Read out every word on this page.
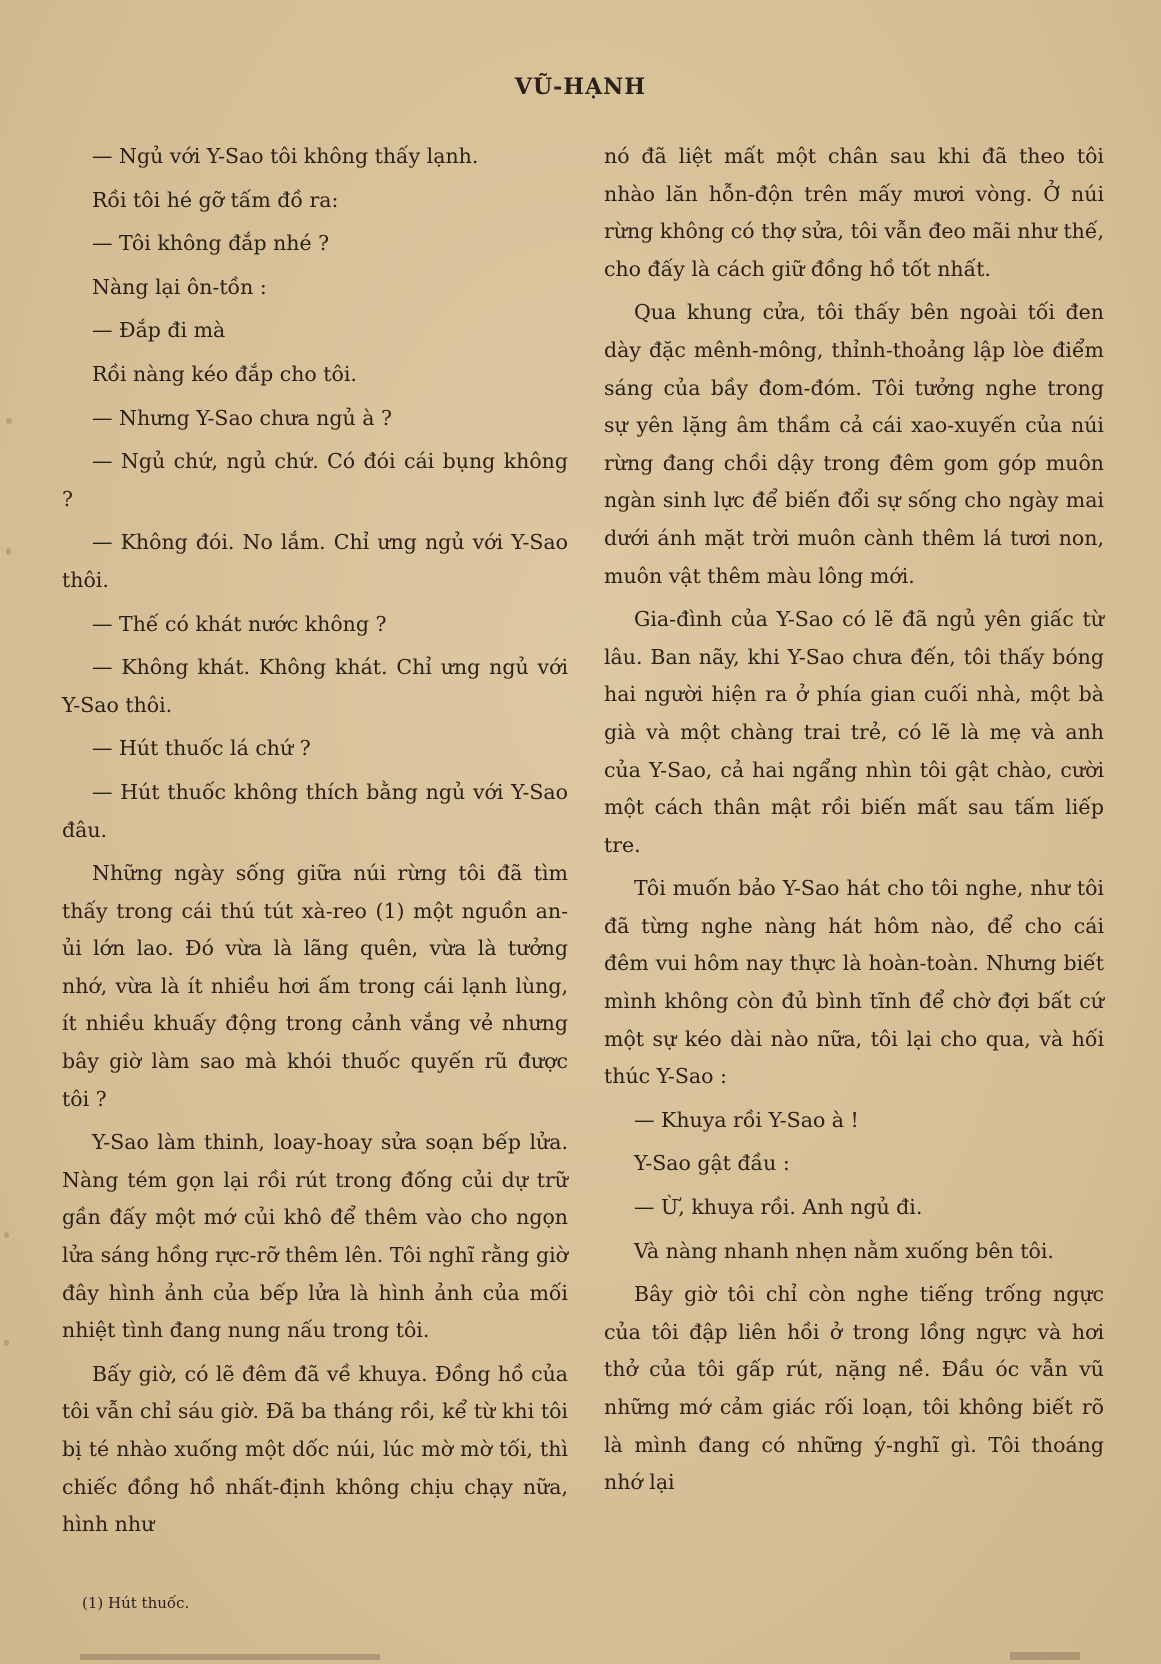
VŨ-HẠNH

— Ngủ với Y-Sao tôi không thấy lạnh.

Rồi tôi hé gỡ tấm đồ ra:

— Tôi không đắp nhé ?

Nàng lại ôn-tồn :

— Đắp đi mà

Rồi nàng kéo đắp cho tôi.

— Nhưng Y-Sao chưa ngủ à ?

— Ngủ chứ, ngủ chứ. Có đói cái bụng không ?

— Không đói. No lắm. Chỉ ưng ngủ với Y-Sao thôi.

— Thế có khát nước không ?

— Không khát. Không khát. Chỉ ưng ngủ với Y-Sao thôi.

— Hút thuốc lá chứ ?

— Hút thuốc không thích bằng ngủ với Y-Sao đâu.

Những ngày sống giữa núi rừng tôi đã tìm thấy trong cái thú tút xà-reo (1) một nguồn an-ủi lớn lao. Đó vừa là lãng quên, vừa là tưởng nhớ, vừa là ít nhiều hơi ấm trong cái lạnh lùng, ít nhiều khuấy động trong cảnh vắng vẻ nhưng bây giờ làm sao mà khói thuốc quyến rũ được tôi ?

Y-Sao làm thinh, loay-hoay sửa soạn bếp lửa. Nàng tém gọn lại rồi rút trong đống củi dự trữ gần đấy một mớ củi khô để thêm vào cho ngọn lửa sáng hồng rực-rỡ thêm lên. Tôi nghĩ rằng giờ đây hình ảnh của bếp lửa là hình ảnh của mối nhiệt tình đang nung nấu trong tôi.

Bấy giờ, có lẽ đêm đã về khuya. Đồng hồ của tôi vẫn chỉ sáu giờ. Đã ba tháng rồi, kể từ khi tôi bị té nhào xuống một dốc núi, lúc mờ mờ tối, thì chiếc đồng hồ nhất-định không chịu chạy nữa, hình như

nó đã liệt mất một chân sau khi đã theo tôi nhào lăn hỗn-độn trên mấy mươi vòng. Ở núi rừng không có thợ sửa, tôi vẫn đeo mãi như thế, cho đấy là cách giữ đồng hồ tốt nhất.

Qua khung cửa, tôi thấy bên ngoài tối đen dày đặc mênh-mông, thỉnh-thoảng lập lòe điểm sáng của bầy đom-đóm. Tôi tưởng nghe trong sự yên lặng âm thầm cả cái xao-xuyến của núi rừng đang chồi dậy trong đêm gom góp muôn ngàn sinh lực để biến đổi sự sống cho ngày mai dưới ánh mặt trời muôn cành thêm lá tươi non, muôn vật thêm màu lông mới.

Gia-đình của Y-Sao có lẽ đã ngủ yên giấc từ lâu. Ban nãy, khi Y-Sao chưa đến, tôi thấy bóng hai người hiện ra ở phía gian cuối nhà, một bà già và một chàng trai trẻ, có lẽ là mẹ và anh của Y-Sao, cả hai ngẩng nhìn tôi gật chào, cười một cách thân mật rồi biến mất sau tấm liếp tre.

Tôi muốn bảo Y-Sao hát cho tôi nghe, như tôi đã từng nghe nàng hát hôm nào, để cho cái đêm vui hôm nay thực là hoàn-toàn. Nhưng biết mình không còn đủ bình tĩnh để chờ đợi bất cứ một sự kéo dài nào nữa, tôi lại cho qua, và hối thúc Y-Sao :

— Khuya rồi Y-Sao à !

Y-Sao gật đầu :

— Ừ, khuya rồi. Anh ngủ đi.

Và nàng nhanh nhẹn nằm xuống bên tôi.

Bây giờ tôi chỉ còn nghe tiếng trống ngực của tôi đập liên hồi ở trong lồng ngực và hơi thở của tôi gấp rút, nặng nề. Đầu óc vẫn vũ những mớ cảm giác rối loạn, tôi không biết rõ là mình đang có những ý-nghĩ gì. Tôi thoáng nhớ lại

(1) Hút thuốc.
